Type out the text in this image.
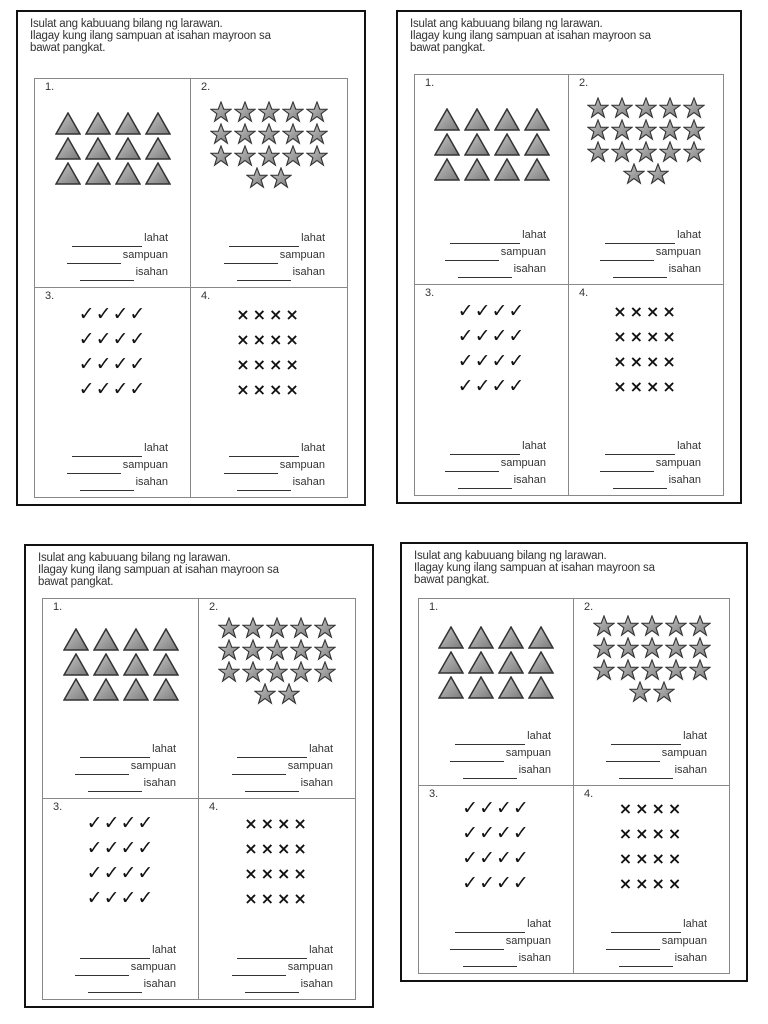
Isulat ang kabuuang bilang ng larawan.
Ilagay kung ilang sampuan at isahan mayroon sa
bawat pangkat.
1.
lahat
sampuan
isahan
2.
lahat
sampuan
isahan
3.
✓✓✓✓
✓✓✓✓
✓✓✓✓
✓✓✓✓
lahat
sampuan
isahan
4.
××××
××××
××××
××××
lahat
sampuan
isahan
Isulat ang kabuuang bilang ng larawan.
Ilagay kung ilang sampuan at isahan mayroon sa
bawat pangkat.
1.
lahat
sampuan
isahan
2.
lahat
sampuan
isahan
3.
✓✓✓✓
✓✓✓✓
✓✓✓✓
✓✓✓✓
lahat
sampuan
isahan
4.
××××
××××
××××
××××
lahat
sampuan
isahan
Isulat ang kabuuang bilang ng larawan.
Ilagay kung ilang sampuan at isahan mayroon sa
bawat pangkat.
1.
lahat
sampuan
isahan
2.
lahat
sampuan
isahan
3.
✓✓✓✓
✓✓✓✓
✓✓✓✓
✓✓✓✓
lahat
sampuan
isahan
4.
××××
××××
××××
××××
lahat
sampuan
isahan
Isulat ang kabuuang bilang ng larawan.
Ilagay kung ilang sampuan at isahan mayroon sa
bawat pangkat.
1.
lahat
sampuan
isahan
2.
lahat
sampuan
isahan
3.
✓✓✓✓
✓✓✓✓
✓✓✓✓
✓✓✓✓
lahat
sampuan
isahan
4.
××××
××××
××××
××××
lahat
sampuan
isahan
